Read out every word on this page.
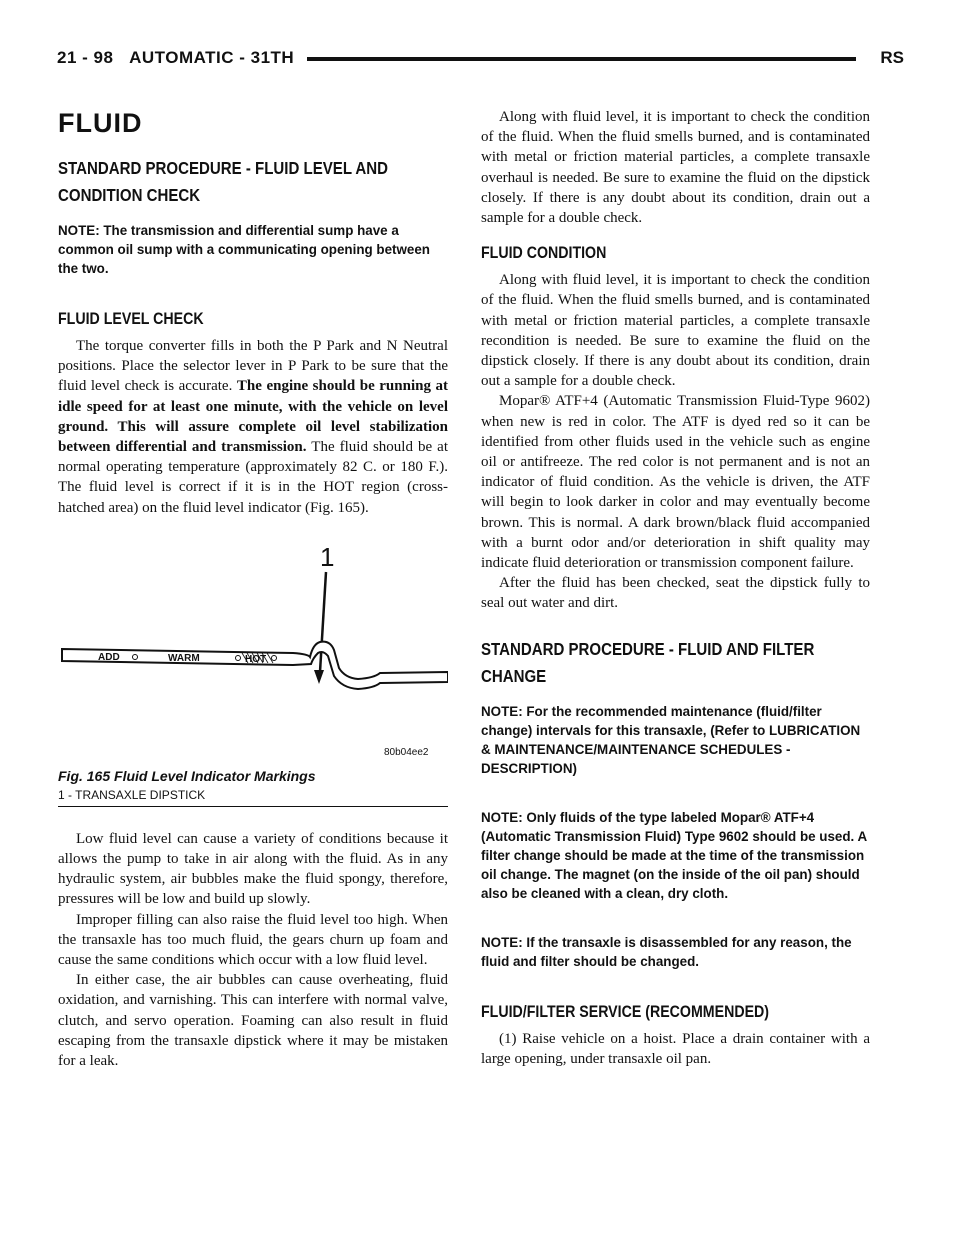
21 - 98 AUTOMATIC - 31TH	RS
FLUID
STANDARD PROCEDURE - FLUID LEVEL AND CONDITION CHECK
NOTE: The transmission and differential sump have a common oil sump with a communicating opening between the two.
FLUID LEVEL CHECK

The torque converter fills in both the P Park and N Neutral positions. Place the selector lever in P Park to be sure that the fluid level check is accurate. The engine should be running at idle speed for at least one minute, with the vehicle on level ground. This will assure complete oil level stabilization between differential and transmission. The fluid should be at normal operating temperature (approximately 82 C. or 180 F.). The fluid level is correct if it is in the HOT region (cross-hatched area) on the fluid level indicator (Fig. 165).

1
ADD	WARM	HOT
80b04ee2
Fig. 165 Fluid Level Indicator Markings
1 - TRANSAXLE DIPSTICK

Low fluid level can cause a variety of conditions because it allows the pump to take in air along with the fluid. As in any hydraulic system, air bubbles make the fluid spongy, therefore, pressures will be low and build up slowly.

Improper filling can also raise the fluid level too high. When the transaxle has too much fluid, the gears churn up foam and cause the same conditions which occur with a low fluid level.

In either case, the air bubbles can cause overheating, fluid oxidation, and varnishing. This can interfere with normal valve, clutch, and servo operation. Foaming can also result in fluid escaping from the transaxle dipstick where it may be mistaken for a leak.

Along with fluid level, it is important to check the condition of the fluid. When the fluid smells burned, and is contaminated with metal or friction material particles, a complete transaxle overhaul is needed. Be sure to examine the fluid on the dipstick closely. If there is any doubt about its condition, drain out a sample for a double check.

FLUID CONDITION

Along with fluid level, it is important to check the condition of the fluid. When the fluid smells burned, and is contaminated with metal or friction material particles, a complete transaxle recondition is needed. Be sure to examine the fluid on the dipstick closely. If there is any doubt about its condition, drain out a sample for a double check.

Mopar® ATF+4 (Automatic Transmission Fluid-Type 9602) when new is red in color. The ATF is dyed red so it can be identified from other fluids used in the vehicle such as engine oil or antifreeze. The red color is not permanent and is not an indicator of fluid condition. As the vehicle is driven, the ATF will begin to look darker in color and may eventually become brown. This is normal. A dark brown/black fluid accompanied with a burnt odor and/or deterioration in shift quality may indicate fluid deterioration or transmission component failure.

After the fluid has been checked, seat the dipstick fully to seal out water and dirt.

STANDARD PROCEDURE - FLUID AND FILTER CHANGE
NOTE: For the recommended maintenance (fluid/filter change) intervals for this transaxle, (Refer to LUBRICATION & MAINTENANCE/MAINTENANCE SCHEDULES - DESCRIPTION)
NOTE: Only fluids of the type labeled Mopar® ATF+4 (Automatic Transmission Fluid) Type 9602 should be used. A filter change should be made at the time of the transmission oil change. The magnet (on the inside of the oil pan) should also be cleaned with a clean, dry cloth.
NOTE: If the transaxle is disassembled for any reason, the fluid and filter should be changed.
FLUID/FILTER SERVICE (RECOMMENDED)

(1) Raise vehicle on a hoist. Place a drain container with a large opening, under transaxle oil pan.
